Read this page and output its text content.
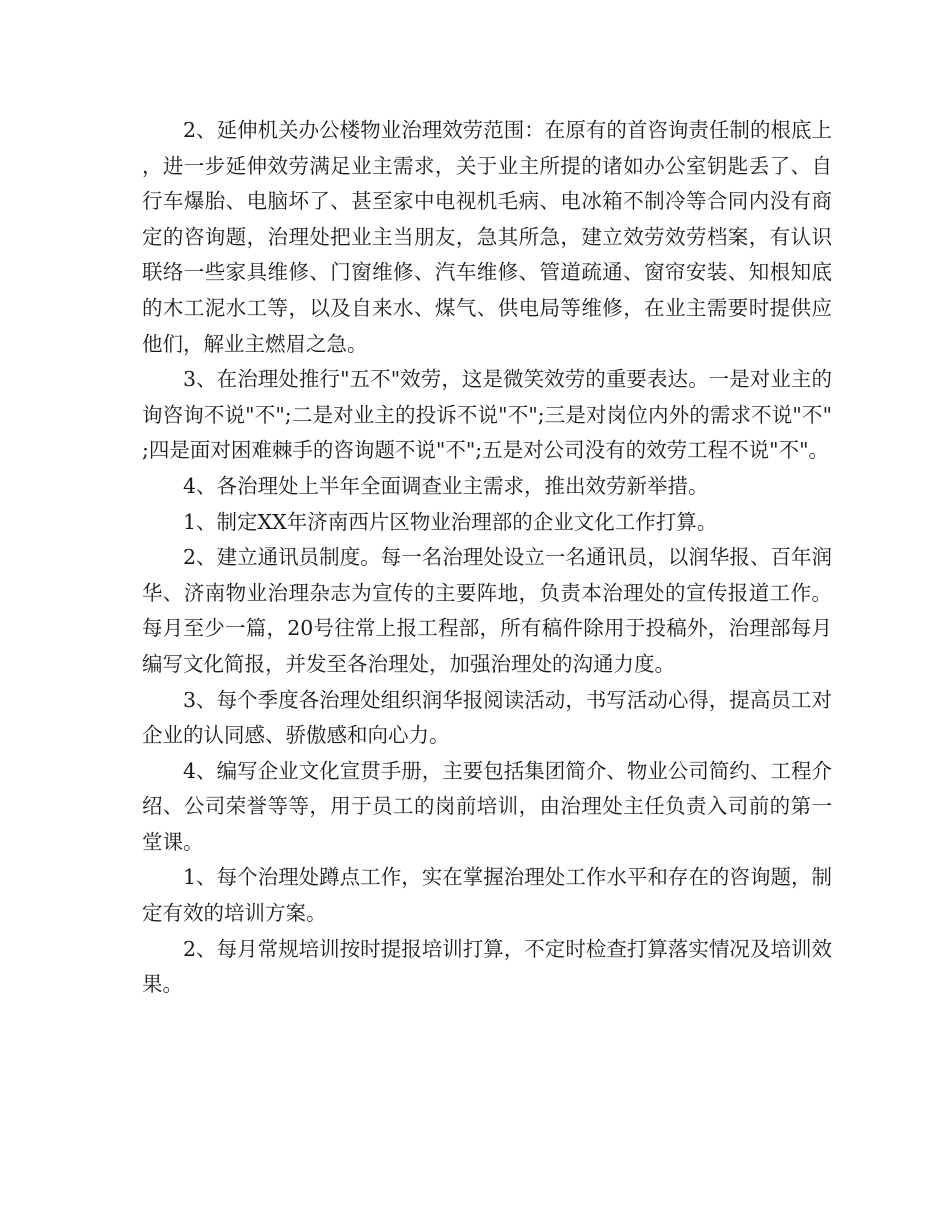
2、延伸机关办公楼物业治理效劳范围：在原有的首咨询责任制的根底上，进一步延伸效劳满足业主需求，关于业主所提的诸如办公室钥匙丢了、自行车爆胎、电脑坏了、甚至家中电视机毛病、电冰箱不制冷等合同内没有商定的咨询题，治理处把业主当朋友，急其所急，建立效劳效劳档案，有认识联络一些家具维修、门窗维修、汽车维修、管道疏通、窗帘安装、知根知底的木工泥水工等，以及自来水、煤气、供电局等维修，在业主需要时提供应他们，解业主燃眉之急。

3、在治理处推行"五不"效劳，这是微笑效劳的重要表达。一是对业主的询咨询不说"不";二是对业主的投诉不说"不";三是对岗位内外的需求不说"不";四是面对困难棘手的咨询题不说"不";五是对公司没有的效劳工程不说"不"。

4、各治理处上半年全面调查业主需求，推出效劳新举措。

1、制定XX年济南西片区物业治理部的企业文化工作打算。

2、建立通讯员制度。每一名治理处设立一名通讯员，以润华报、百年润华、济南物业治理杂志为宣传的主要阵地，负责本治理处的宣传报道工作。每月至少一篇，20号往常上报工程部，所有稿件除用于投稿外，治理部每月编写文化简报，并发至各治理处，加强治理处的沟通力度。

3、每个季度各治理处组织润华报阅读活动，书写活动心得，提高员工对企业的认同感、骄傲感和向心力。

4、编写企业文化宣贯手册，主要包括集团简介、物业公司简约、工程介绍、公司荣誉等等，用于员工的岗前培训，由治理处主任负责入司前的第一堂课。

1、每个治理处蹲点工作，实在掌握治理处工作水平和存在的咨询题，制定有效的培训方案。

2、每月常规培训按时提报培训打算，不定时检查打算落实情况及培训效果。
